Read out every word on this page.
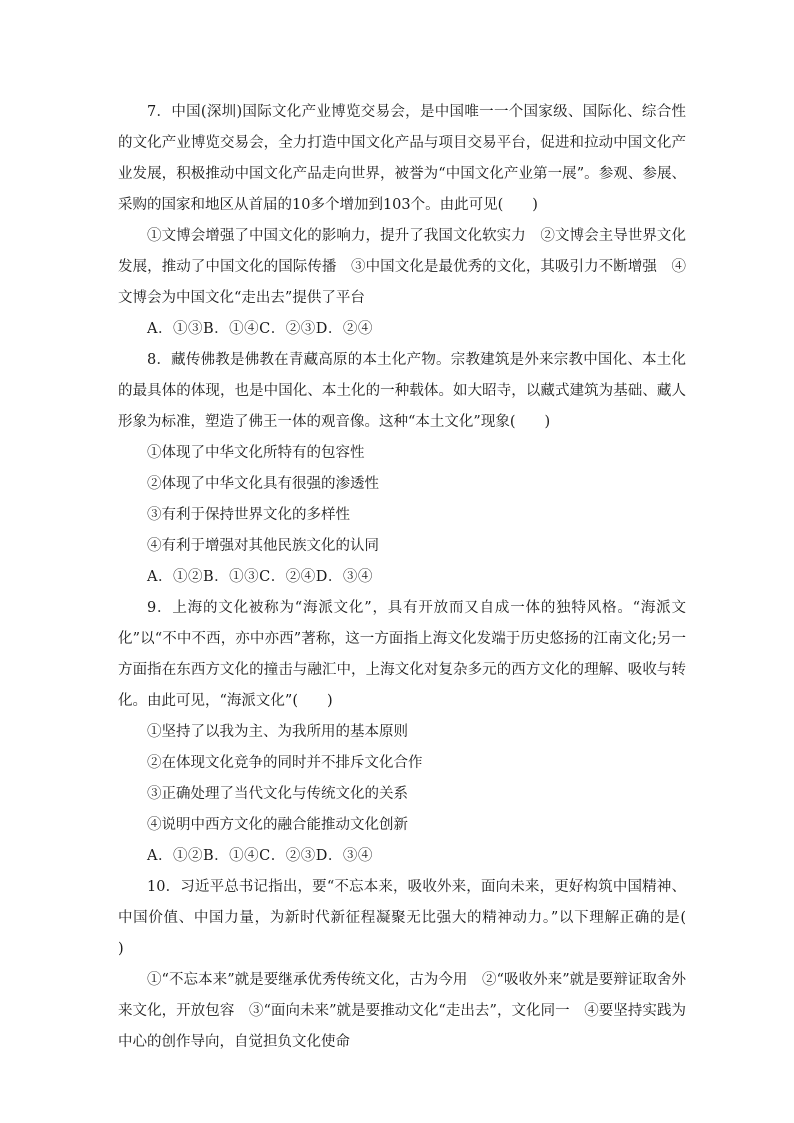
7．中国(深圳)国际文化产业博览交易会，是中国唯一一个国家级、国际化、综合性的文化产业博览交易会，全力打造中国文化产品与项目交易平台，促进和拉动中国文化产业发展，积极推动中国文化产品走向世界，被誉为“中国文化产业第一展”。参观、参展、采购的国家和地区从首届的10多个增加到103个。由此可见(　　)

①文博会增强了中国文化的影响力，提升了我国文化软实力　②文博会主导世界文化发展，推动了中国文化的国际传播　③中国文化是最优秀的文化，其吸引力不断增强　④文博会为中国文化“走出去”提供了平台

A．①③B．①④C．②③D．②④

8．藏传佛教是佛教在青藏高原的本土化产物。宗教建筑是外来宗教中国化、本土化的最具体的体现，也是中国化、本土化的一种载体。如大昭寺，以藏式建筑为基础、藏人形象为标准，塑造了佛王一体的观音像。这种“本土文化”现象(　　)

①体现了中华文化所特有的包容性

②体现了中华文化具有很强的渗透性

③有利于保持世界文化的多样性

④有利于增强对其他民族文化的认同

A．①②B．①③C．②④D．③④

9．上海的文化被称为“海派文化”，具有开放而又自成一体的独特风格。“海派文化”以“不中不西，亦中亦西”著称，这一方面指上海文化发端于历史悠扬的江南文化;另一方面指在东西方文化的撞击与融汇中，上海文化对复杂多元的西方文化的理解、吸收与转化。由此可见，“海派文化”(　　)

①坚持了以我为主、为我所用的基本原则

②在体现文化竞争的同时并不排斥文化合作

③正确处理了当代文化与传统文化的关系

④说明中西方文化的融合能推动文化创新

A．①②B．①④C．②③D．③④

10．习近平总书记指出，要“不忘本来，吸收外来，面向未来，更好构筑中国精神、中国价值、中国力量，为新时代新征程凝聚无比强大的精神动力。”以下理解正确的是(　　)

①“不忘本来”就是要继承优秀传统文化，古为今用　②“吸收外来”就是要辩证取舍外来文化，开放包容　③“面向未来”就是要推动文化“走出去”，文化同一　④要坚持实践为中心的创作导向，自觉担负文化使命
